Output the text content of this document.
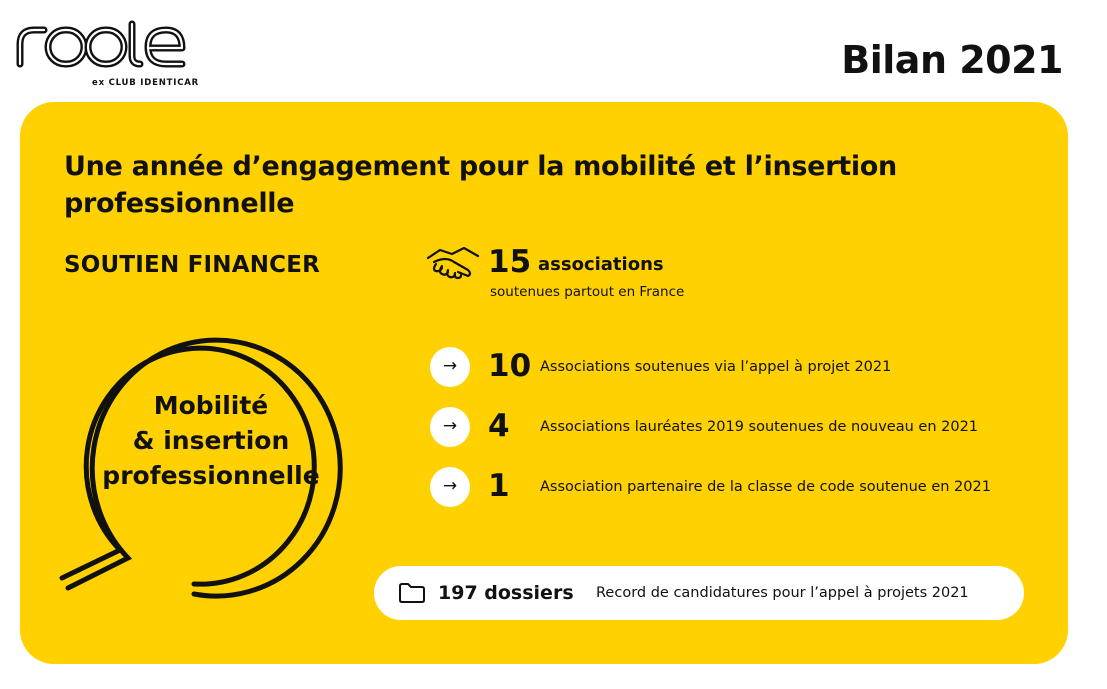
ex CLUB IDENTICAR
Bilan 2021
Une année d’engagement pour la mobilité et l’insertion professionnelle
SOUTIEN FINANCER
Mobilité
& insertion
professionnelle
15 associations
soutenues partout en France
→ 10 Associations soutenues via l’appel à projet 2021
→ 4 Associations lauréates 2019 soutenues de nouveau en 2021
→ 1 Association partenaire de la classe de code soutenue en 2021
197 dossiers Record de candidatures pour l’appel à projets 2021
